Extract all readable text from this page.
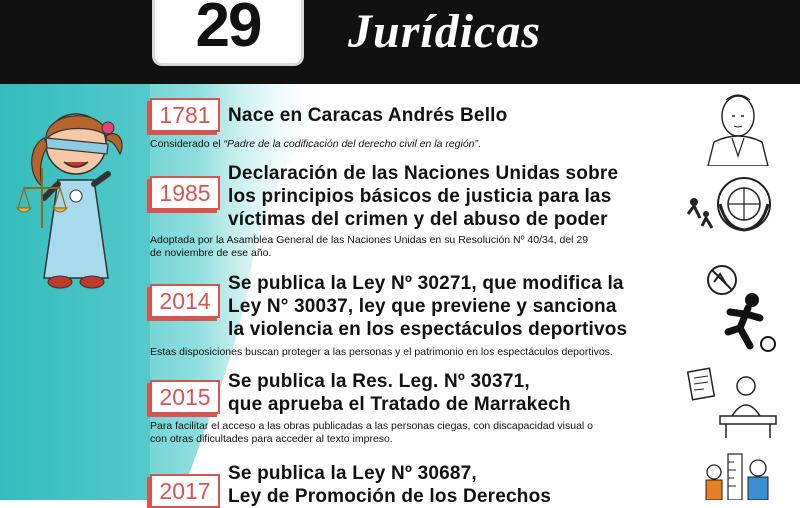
29	Jurídicas
1781 Nace en Caracas Andrés Bello
Considerado el “Padre de la codificación del derecho civil en la región”.
1985
Declaración de las Naciones Unidas sobre
los principios básicos de justicia para las
víctimas del crimen y del abuso de poder
Adoptada por la Asamblea General de las Naciones Unidas en su Resolución Nº 40/34, del 29
de noviembre de ese año.
2014
Se publica la Ley Nº 30271, que modifica la
Ley N° 30037, ley que previene y sanciona
la violencia en los espectáculos deportivos
Estas disposiciones buscan proteger a las personas y el patrimonio en los espectáculos deportivos.
2015
Se publica la Res. Leg. Nº 30371,
que aprueba el Tratado de Marrakech
Para facilitar el acceso a las obras publicadas a las personas ciegas, con discapacidad visual o
con otras dificultades para acceder al texto impreso.
2017
Se publica la Ley Nº 30687,
Ley de Promoción de los Derechos
